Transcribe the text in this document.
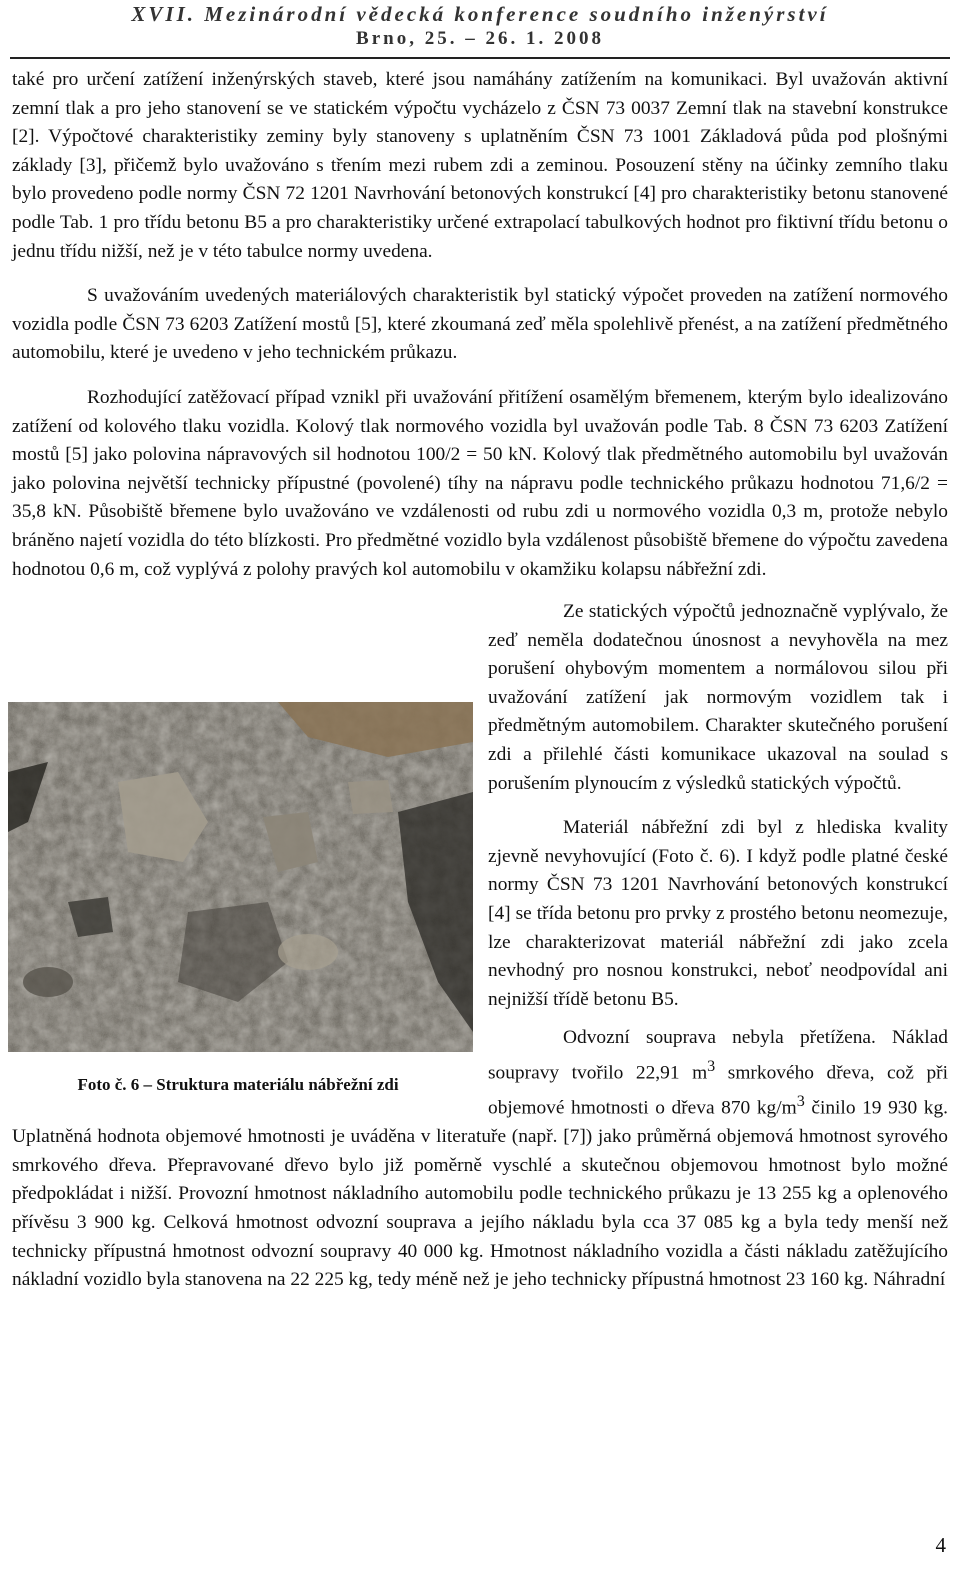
XVII. Mezinárodní vědecká konference soudního inženýrství
Brno, 25. – 26. 1. 2008

také pro určení zatížení inženýrských staveb, které jsou namáhány zatížením na komunikaci. Byl uvažován aktivní zemní tlak a pro jeho stanovení se ve statickém výpočtu vycházelo z ČSN 73 0037 Zemní tlak na stavební konstrukce [2]. Výpočtové charakteristiky zeminy byly stanoveny s uplatněním ČSN 73 1001 Základová půda pod plošnými základy [3], přičemž bylo uvažováno s třením mezi rubem zdi a zeminou. Posouzení stěny na účinky zemního tlaku bylo provedeno podle normy ČSN 72 1201 Navrhování betonových konstrukcí [4] pro charakteristiky betonu stanovené podle Tab. 1 pro třídu betonu B5 a pro charakteristiky určené extrapolací tabulkových hodnot pro fiktivní třídu betonu o jednu třídu nižší, než je v této tabulce normy uvedena.

S uvažováním uvedených materiálových charakteristik byl statický výpočet proveden na zatížení normového vozidla podle ČSN 73 6203 Zatížení mostů [5], které zkoumaná zeď měla spolehlivě přenést, a na zatížení předmětného automobilu, které je uvedeno v jeho technickém průkazu.

Rozhodující zatěžovací případ vznikl při uvažování přitížení osamělým břemenem, kterým bylo idealizováno zatížení od kolového tlaku vozidla. Kolový tlak normového vozidla byl uvažován podle Tab. 8 ČSN 73 6203 Zatížení mostů [5] jako polovina nápravových sil hodnotou 100/2 = 50 kN. Kolový tlak předmětného automobilu byl uvažován jako polovina největší technicky přípustné (povolené) tíhy na nápravu podle technického průkazu hodnotou 71,6/2 = 35,8 kN. Působiště břemene bylo uvažováno ve vzdálenosti od rubu zdi u normového vozidla 0,3 m, protože nebylo bráněno najetí vozidla do této blízkosti. Pro předmětné vozidlo byla vzdálenost působiště břemene do výpočtu zavedena hodnotou 0,6 m, což vyplývá z polohy pravých kol automobilu v okamžiku kolapsu nábřežní zdi.

Foto č. 6 – Struktura materiálu nábřežní zdi

Ze statických výpočtů jednoznačně vyplývalo, že zeď neměla dodatečnou únosnost a nevyhověla na mez porušení ohybovým momentem a normálovou silou při uvažování zatížení jak normovým vozidlem tak i předmětným automobilem. Charakter skutečného porušení zdi a přilehlé části komunikace ukazoval na soulad s porušením plynoucím z výsledků statických výpočtů.

Materiál nábřežní zdi byl z hlediska kvality zjevně nevyhovující (Foto č. 6). I když podle platné české normy ČSN 73 1201 Navrhování betonových konstrukcí [4] se třída betonu pro prvky z prostého betonu neomezuje, lze charakterizovat materiál nábřežní zdi jako zcela nevhodný pro nosnou konstrukci, neboť neodpovídal ani nejnižší třídě betonu B5.

Odvozní souprava nebyla přetížena. Náklad soupravy tvořilo 22,91 $m^3$ smrkového dřeva, což při objemové hmotnosti o dřeva 870 $kg/m^3$ činilo 19 930 kg. Uplatněná hodnota objemové hmotnosti je uváděna v literatuře (např. [7]) jako průměrná objemová hmotnost syrového smrkového dřeva. Přepravované dřevo bylo již poměrně vyschlé a skutečnou objemovou hmotnost bylo možné předpokládat i nižší. Provozní hmotnost nákladního automobilu podle technického průkazu je 13 255 kg a oplenového přívěsu 3 900 kg. Celková hmotnost odvozní souprava a jejího nákladu byla cca 37 085 kg a byla tedy menší než technicky přípustná hmotnost odvozní soupravy 40 000 kg. Hmotnost nákladního vozidla a části nákladu zatěžujícího nákladní vozidlo byla stanovena na 22 225 kg, tedy méně než je jeho technicky přípustná hmotnost 23 160 kg. Náhradní

4
